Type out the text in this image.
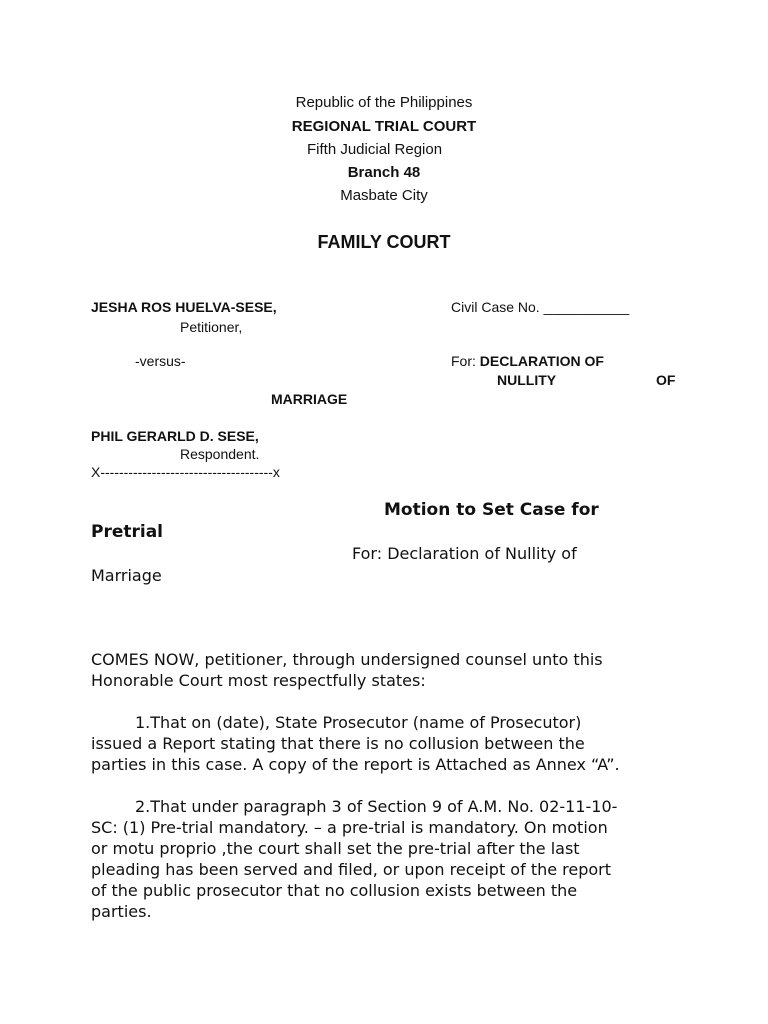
Republic of the Philippines
REGIONAL TRIAL COURT
Fifth Judicial Region
Branch 48
Masbate City
FAMILY COURT
JESHA ROS HUELVA-SESE,
Petitioner,
Civil Case No. ___________
-versus-	For: DECLARATION OF
NULLITY	OF
MARRIAGE
PHIL GERARLD D. SESE,
Respondent.
X-------------------------------------x
Motion to Set Case for
Pretrial
For: Declaration of Nullity of
Marriage
COMES NOW, petitioner, through undersigned counsel unto this
Honorable Court most respectfully states:
1.That on (date), State Prosecutor (name of Prosecutor)
issued a Report stating that there is no collusion between the
parties in this case. A copy of the report is Attached as Annex “A”.
2.That under paragraph 3 of Section 9 of A.M. No. 02-11-10-
SC: (1) Pre-trial mandatory. – a pre-trial is mandatory. On motion
or motu proprio ,the court shall set the pre-trial after the last
pleading has been served and filed, or upon receipt of the report
of the public prosecutor that no collusion exists between the
parties.
